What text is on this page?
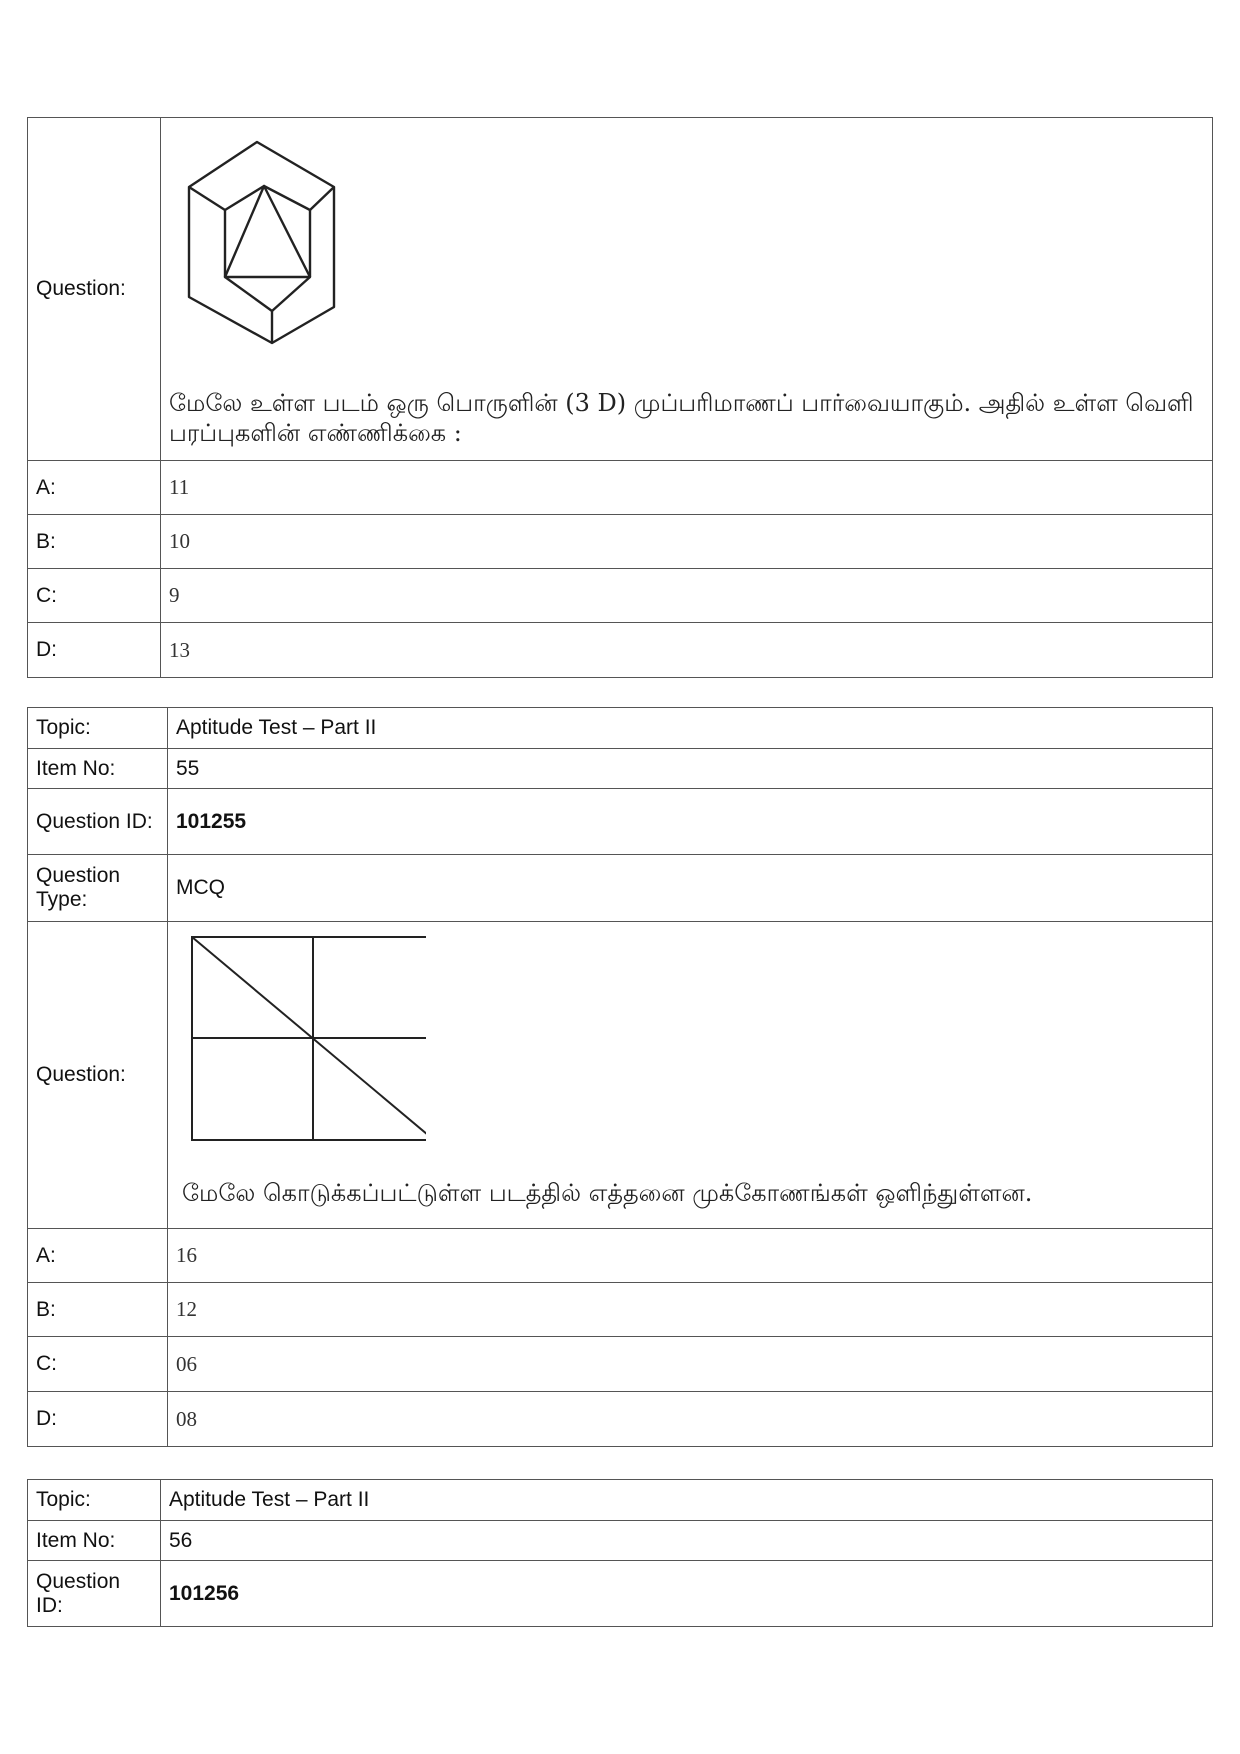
Question:	மேலே உள்ள படம் ஒரு பொருளின் (3 D) முப்பரிமாணப் பார்வையாகும். அதில் உள்ள வெளி பரப்புகளின் எண்ணிக்கை :

A:	11
B:	10
C:	9
D:	13
Topic:	Aptitude Test – Part II
Item No:	55
Question ID:	101255
Question Type:	MCQ
Question:	மேலே கொடுக்கப்பட்டுள்ள படத்தில் எத்தனை முக்கோணங்கள் ஒளிந்துள்ளன.

A:	16
B:	12
C:	06
D:	08
Topic:	Aptitude Test – Part II
Item No:	56
Question ID:	101256
